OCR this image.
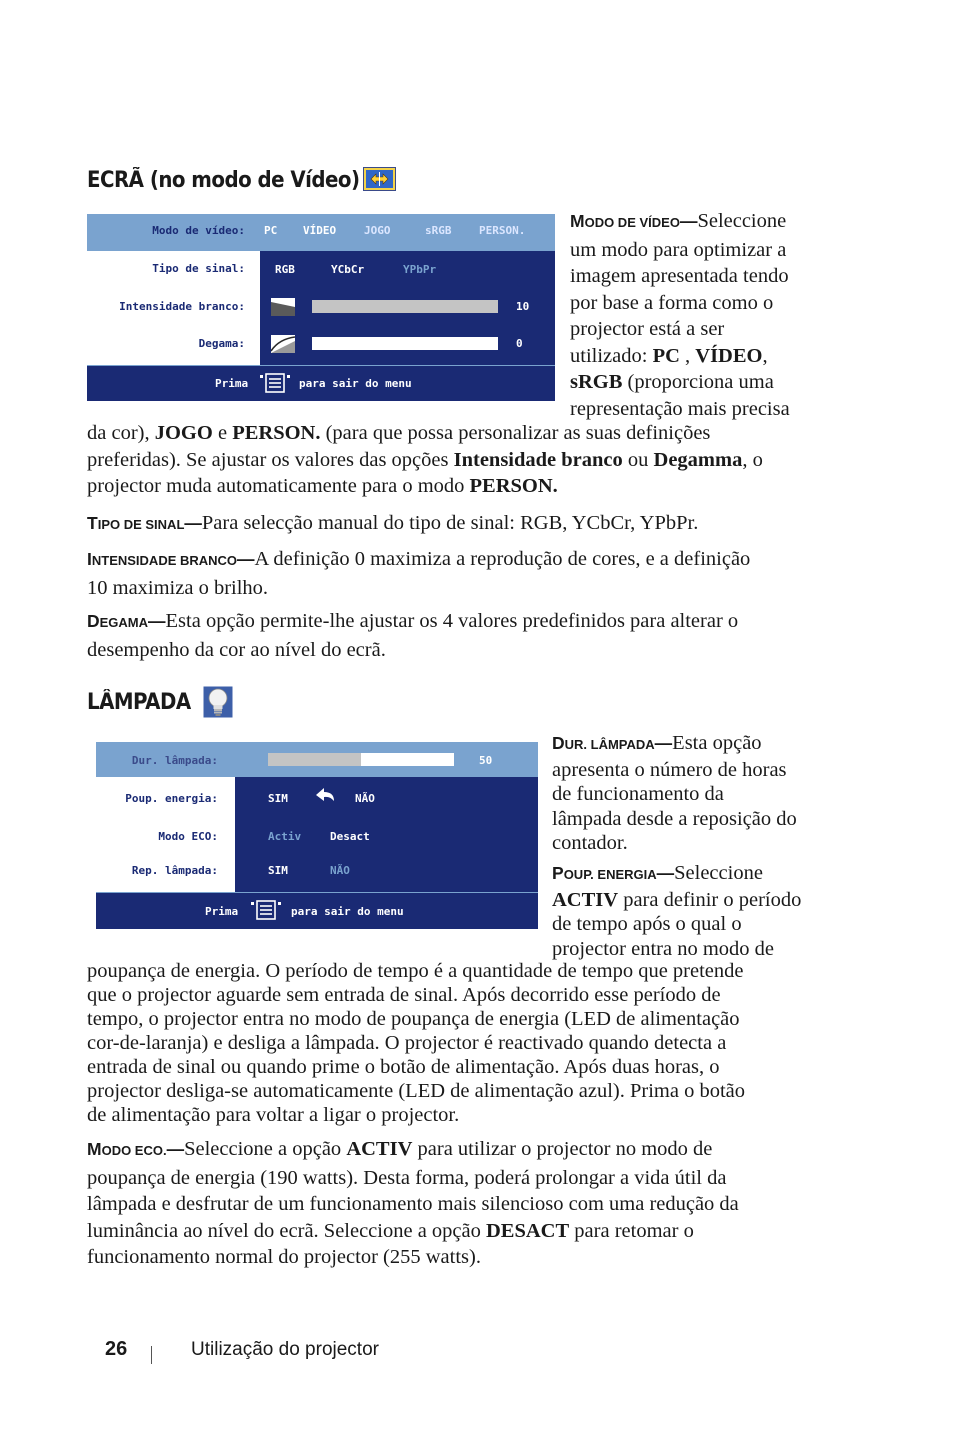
ECRÃ (no modo de Vídeo)
Modo de vídeo: PC VÍDEO	JOGO	sRGB	PERSON.
Tipo de sinal:	RGB	YCbCr	YPbPr
Intensidade branco:	10
Degama:	0
Prima	para sair do menu
MODO DE VÍDEO—Seleccione
um modo para optimizar a
imagem apresentada tendo
por base a forma como o
projector está a ser
utilizado: PC , VÍDEO,
sRGB (proporciona uma
representação mais precisa
da cor), JOGO e PERSON. (para que possa personalizar as suas definições
preferidas). Se ajustar os valores das opções Intensidade branco ou Degamma, o
projector muda automaticamente para o modo PERSON.
TIPO DE SINAL—Para selecção manual do tipo de sinal: RGB, YCbCr, YPbPr.
INTENSIDADE BRANCO—A definição 0 maximiza a reprodução de cores, e a definição
10 maximiza o brilho.
DEGAMA—Esta opção permite-lhe ajustar os 4 valores predefinidos para alterar o
desempenho da cor ao nível do ecrã.
LÂMPADA
Dur. lâmpada:	50
Poup. energia:	SIM	NÃO
Modo ECO:	Activ	Desact
Rep. lâmpada:	SIM	NÃO
Prima	para sair do menu
DUR. LÂMPADA—Esta opção
apresenta o número de horas
de funcionamento da
lâmpada desde a reposição do
contador.
POUP. ENERGIA—Seleccione
ACTIV para definir o período
de tempo após o qual o
projector entra no modo de
poupança de energia. O período de tempo é a quantidade de tempo que pretende
que o projector aguarde sem entrada de sinal. Após decorrido esse período de
tempo, o projector entra no modo de poupança de energia (LED de alimentação
cor-de-laranja) e desliga a lâmpada. O projector é reactivado quando detecta a
entrada de sinal ou quando prime o botão de alimentação. Após duas horas, o
projector desliga-se automaticamente (LED de alimentação azul). Prima o botão
de alimentação para voltar a ligar o projector.
MODO ECO.—Seleccione a opção ACTIV para utilizar o projector no modo de
poupança de energia (190 watts). Desta forma, poderá prolongar a vida útil da
lâmpada e desfrutar de um funcionamento mais silencioso com uma redução da
luminância ao nível do ecrã. Seleccione a opção DESACT para retomar o
funcionamento normal do projector (255 watts).
26	Utilização do projector
